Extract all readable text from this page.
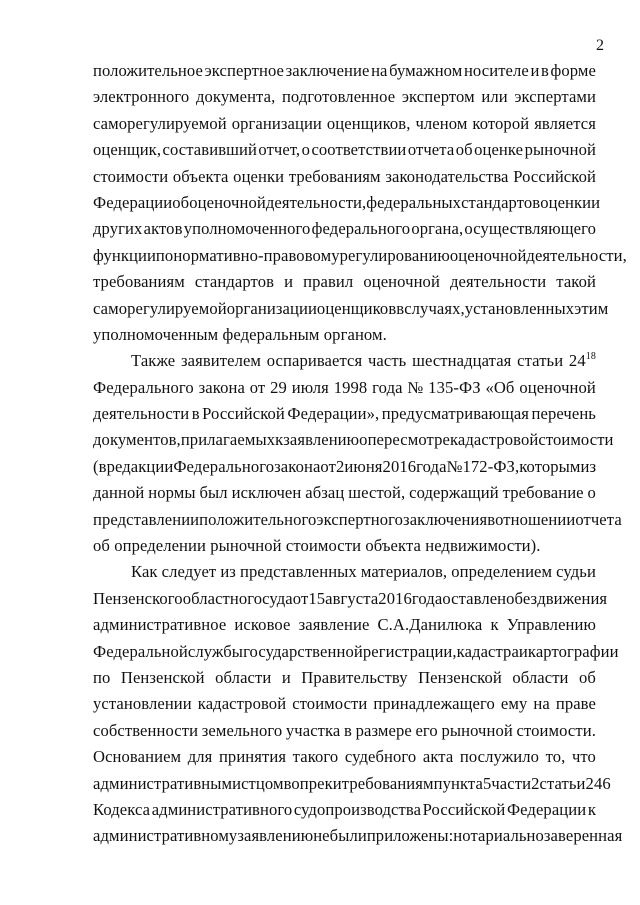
2
положительное экспертное заключение на бумажном носителе и в форме
электронного документа, подготовленное экспертом или экспертами
саморегулируемой организации оценщиков, членом которой является
оценщик, составивший отчет, о соответствии отчета об оценке рыночной
стоимости объекта оценки требованиям законодательства Российской
Федерации об оценочной деятельности, федеральных стандартов оценки и
других актов уполномоченного федерального органа, осуществляющего
функции по нормативно-правовому регулированию оценочной деятельности,
требованиям стандартов и правил оценочной деятельности такой
саморегулируемой организации оценщиков в случаях, установленных этим
уполномоченным федеральным органом.
Также заявителем оспаривается часть шестнадцатая статьи $24^{18}$
Федерального закона от 29 июля 1998 года № 135-ФЗ «Об оценочной
деятельности в Российской Федерации», предусматривающая перечень
документов, прилагаемых к заявлению о пересмотре кадастровой стоимости
(в редакции Федерального закона от 2 июня 2016 года № 172-ФЗ, которым из
данной нормы был исключен абзац шестой, содержащий требование о
представлении положительного экспертного заключения в отношении отчета
об определении рыночной стоимости объекта недвижимости).
Как следует из представленных материалов, определением судьи
Пензенского областного суда от 15 августа 2016 года оставлено без движения
административное исковое заявление С.А.Данилюка к Управлению
Федеральной службы государственной регистрации, кадастра и картографии
по Пензенской области и Правительству Пензенской области об
установлении кадастровой стоимости принадлежащего ему на праве
собственности земельного участка в размере его рыночной стоимости.
Основанием для принятия такого судебного акта послужило то, что
административным истцом вопреки требованиям пункта 5 части 2 статьи 246
Кодекса административного судопроизводства Российской Федерации к
административному заявлению не были приложены: нотариально заверенная
